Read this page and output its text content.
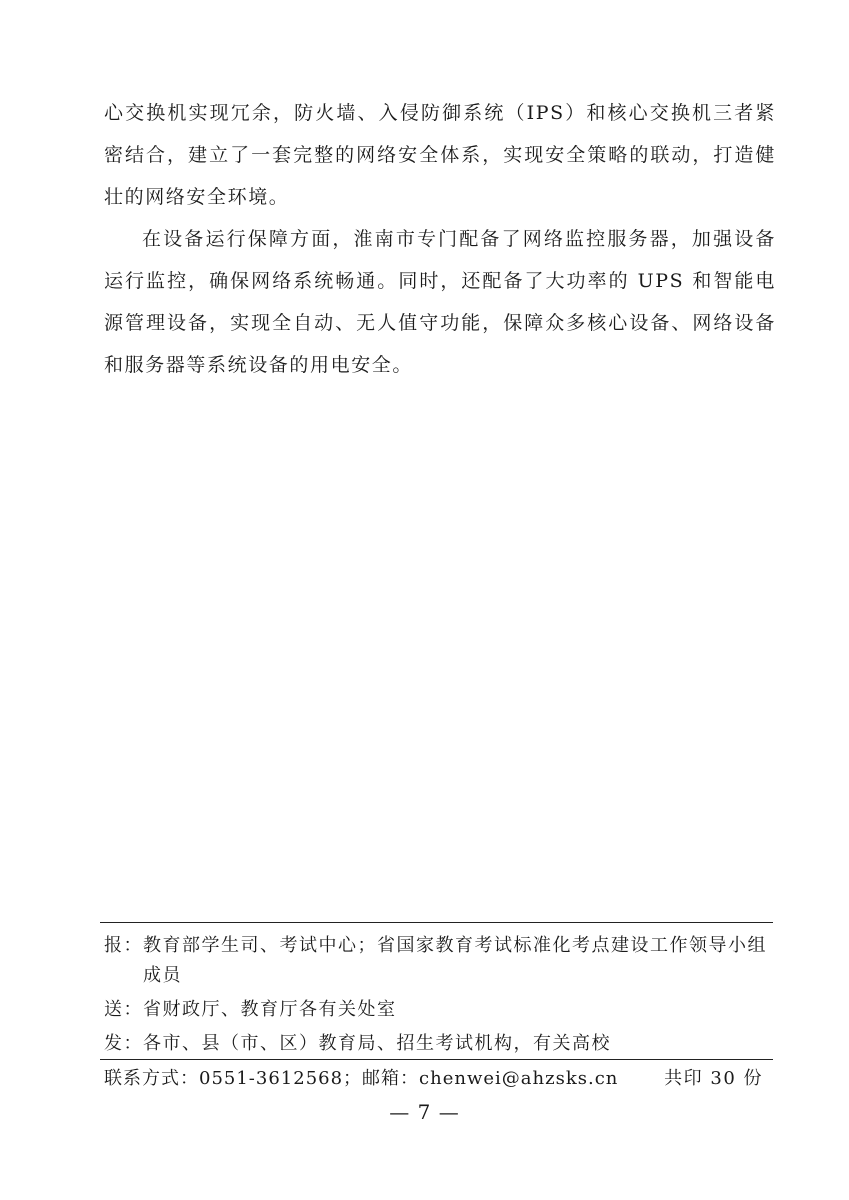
心交换机实现冗余，防火墙、入侵防御系统（IPS）和核心交换机三者紧密结合，建立了一套完整的网络安全体系，实现安全策略的联动，打造健壮的网络安全环境。

在设备运行保障方面，淮南市专门配备了网络监控服务器，加强设备运行监控，确保网络系统畅通。同时，还配备了大功率的 UPS 和智能电源管理设备，实现全自动、无人值守功能，保障众多核心设备、网络设备和服务器等系统设备的用电安全。

报： 教育部学生司、考试中心；省国家教育考试标准化考点建设工作领导小组成员
送： 省财政厅、教育厅各有关处室
发： 各市、县（市、区）教育局、招生考试机构，有关高校
联系方式：0551-3612568；邮箱：chenwei@ahzsks.cn	共印 30 份
— 7 —
